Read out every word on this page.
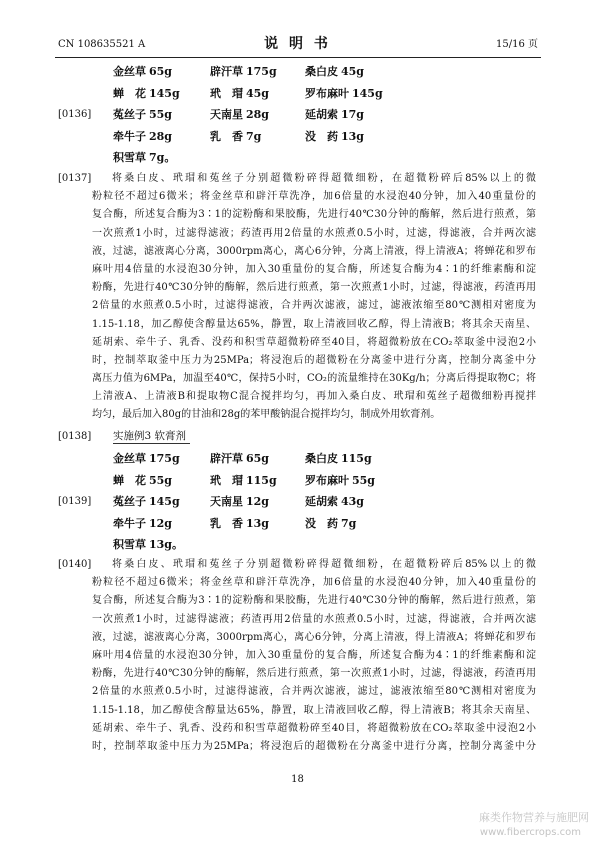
CN 108635521 A	说 明 书	15/16 页
金丝草 65g	辟汗草 175g	桑白皮 45g
蝉 花 145g	玳 瑁 45g	罗布麻叶 145g
[0136] 菟丝子 55g	天南星 28g	延胡索 17g
牵牛子 28g	乳 香 7g	没 药 13g
积雪草 7g。
[0137]	将桑白皮、玳瑁和菟丝子分别超微粉碎得超微细粉，在超微粉碎后85%以上的微
粉粒径不超过6微米；将金丝草和辟汗草洗净，加6倍量的水浸泡40分钟，加入40重量份的
复合酶，所述复合酶为3∶1的淀粉酶和果胶酶，先进行40℃30分钟的酶解，然后进行煎煮，第
一次煎煮1小时，过滤得滤液；药渣再用2倍量的水煎煮0.5小时，过滤，得滤液，合并两次滤
液，过滤，滤液离心分离，3000rpm离心，离心6分钟，分离上清液，得上清液A；将蝉花和罗布
麻叶用4倍量的水浸泡30分钟，加入30重量份的复合酶，所述复合酶为4∶1的纤维素酶和淀
粉酶，先进行40℃30分钟的酶解，然后进行煎煮，第一次煎煮1小时，过滤，得滤液，药渣再用
2倍量的水煎煮0.5小时，过滤得滤液，合并两次滤液，滤过，滤液浓缩至80℃测相对密度为
1.15-1.18，加乙醇使含醇量达65%，静置，取上清液回收乙醇，得上清液B；将其余天南星、
延胡索、牵牛子、乳香、没药和积雪草超微粉碎至40目，将超微粉放在CO₂萃取釜中浸泡2小
时，控制萃取釜中压力为25MPa；将浸泡后的超微粉在分离釜中进行分离，控制分离釜中分
离压力值为6MPa，加温至40℃，保持5小时，CO₂的流量维持在30Kg/h；分离后得提取物C；将
上清液A、上清液B和提取物C混合搅拌均匀，再加入桑白皮、玳瑁和菟丝子超微细粉再搅拌
均匀，最后加入80g的甘油和28g的苯甲酸钠混合搅拌均匀，制成外用软膏剂。
[0138] 实施例3 软膏剂
金丝草 175g	辟汗草 65g	桑白皮 115g
蝉 花 55g	玳 瑁 115g	罗布麻叶 55g
[0139] 菟丝子 145g	天南星 12g	延胡索 43g
牵牛子 12g	乳 香 13g	没 药 7g
积雪草 13g。
[0140]	将桑白皮、玳瑁和菟丝子分别超微粉碎得超微细粉，在超微粉碎后85%以上的微
粉粒径不超过6微米；将金丝草和辟汗草洗净，加6倍量的水浸泡40分钟，加入40重量份的
复合酶，所述复合酶为3∶1的淀粉酶和果胶酶，先进行40℃30分钟的酶解，然后进行煎煮，第
一次煎煮1小时，过滤得滤液；药渣再用2倍量的水煎煮0.5小时，过滤，得滤液，合并两次滤
液，过滤，滤液离心分离，3000rpm离心，离心6分钟，分离上清液，得上清液A；将蝉花和罗布
麻叶用4倍量的水浸泡30分钟，加入30重量份的复合酶，所述复合酶为4∶1的纤维素酶和淀
粉酶，先进行40℃30分钟的酶解，然后进行煎煮，第一次煎煮1小时，过滤，得滤液，药渣再用
2倍量的水煎煮0.5小时，过滤得滤液，合并两次滤液，滤过，滤液浓缩至80℃测相对密度为
1.15-1.18，加乙醇使含醇量达65%，静置，取上清液回收乙醇，得上清液B；将其余天南星、
延胡索、牵牛子、乳香、没药和积雪草超微粉碎至40目，将超微粉放在CO₂萃取釜中浸泡2小
时，控制萃取釜中压力为25MPa；将浸泡后的超微粉在分离釜中进行分离，控制分离釜中分
18
麻类作物营养与施肥网
www.fibercrops.com
